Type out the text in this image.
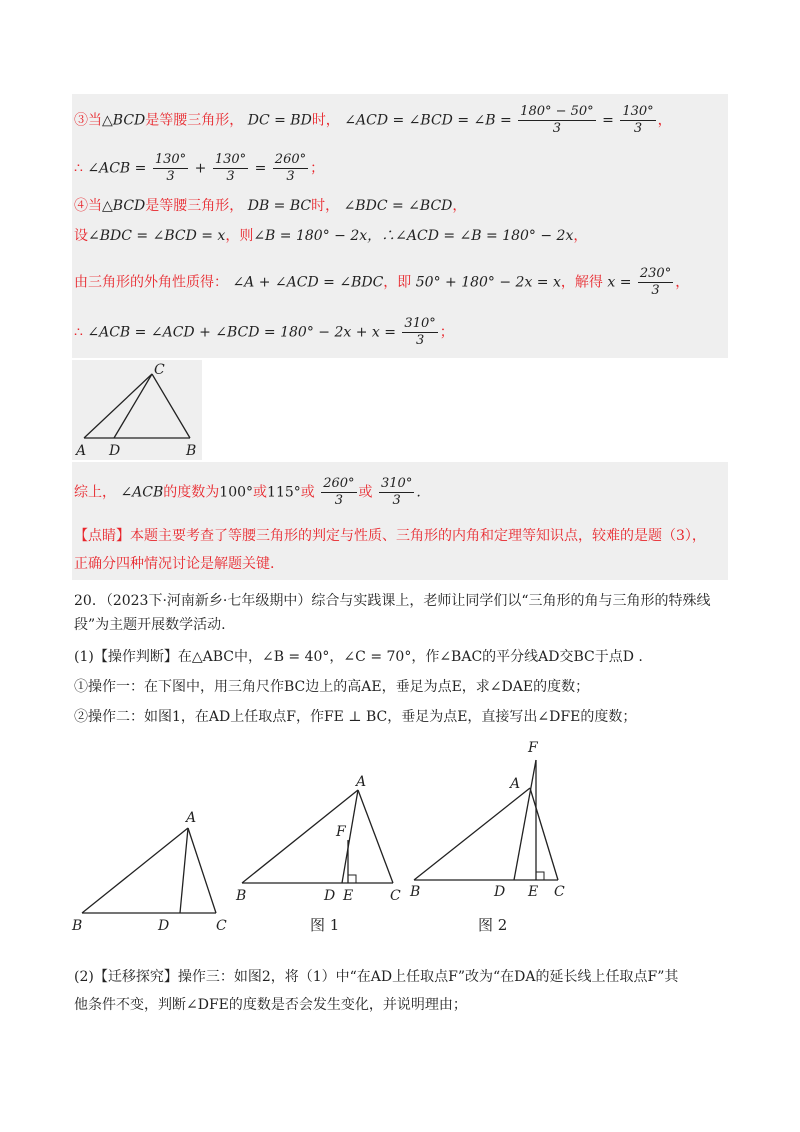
③当△BCD是等腰三角形， DC = BD时， ∠ACD = ∠BCD = ∠B = $\frac{180^\circ - 50^\circ}{3} = \frac{130^\circ}{3}$ ，
∴ ∠ACB = $\frac{130^\circ}{3} + \frac{130^\circ}{3} = \frac{260^\circ}{3}$ ；
④当△BCD是等腰三角形， DB = BC时， ∠BDC = ∠BCD，
设∠BDC = ∠BCD = x，则∠B = 180° − 2x，∴∠ACD = ∠B = 180° − 2x，
由三角形的外角性质得： ∠A + ∠ACD = ∠BDC，即 50° + 180° − 2x = x，解得 $x = \frac{230^\circ}{3}$ ，
∴ ∠ACB = ∠ACD + ∠BCD = $180^\circ - 2x + x = \frac{310^\circ}{3}$ ；
C
A D	B
综上， ∠ACB的度数为100°或115°或 $\frac{260^\circ}{3}$ 或 $\frac{310^\circ}{3}$ .
【点睛】本题主要考查了等腰三角形的判定与性质、三角形的内角和定理等知识点，较难的是题（3），
正确分四种情况讨论是解题关键.
20．（2023下·河南新乡·七年级期中）综合与实践课上，老师让同学们以“三角形的角与三角形的特殊线
段”为主题开展数学活动.
(1)【操作判断】在△ABC中，∠B = 40°，∠C = 70°，作∠BAC的平分线AD交BC于点D .
①操作一：在下图中，用三角尺作BC边上的高AE，垂足为点E，求∠DAE的度数；
②操作二：如图1，在AD上任取点F，作FE ⊥ BC，垂足为点E，直接写出∠DFE的度数；
A
B	D	C
A
F
B	D E	C
图 1
F
A
B	D E C
图 2
(2)【迁移探究】操作三：如图2，将（1）中“在AD上任取点F”改为“在DA的延长线上任取点F”其
他条件不变，判断∠DFE的度数是否会发生变化，并说明理由；
